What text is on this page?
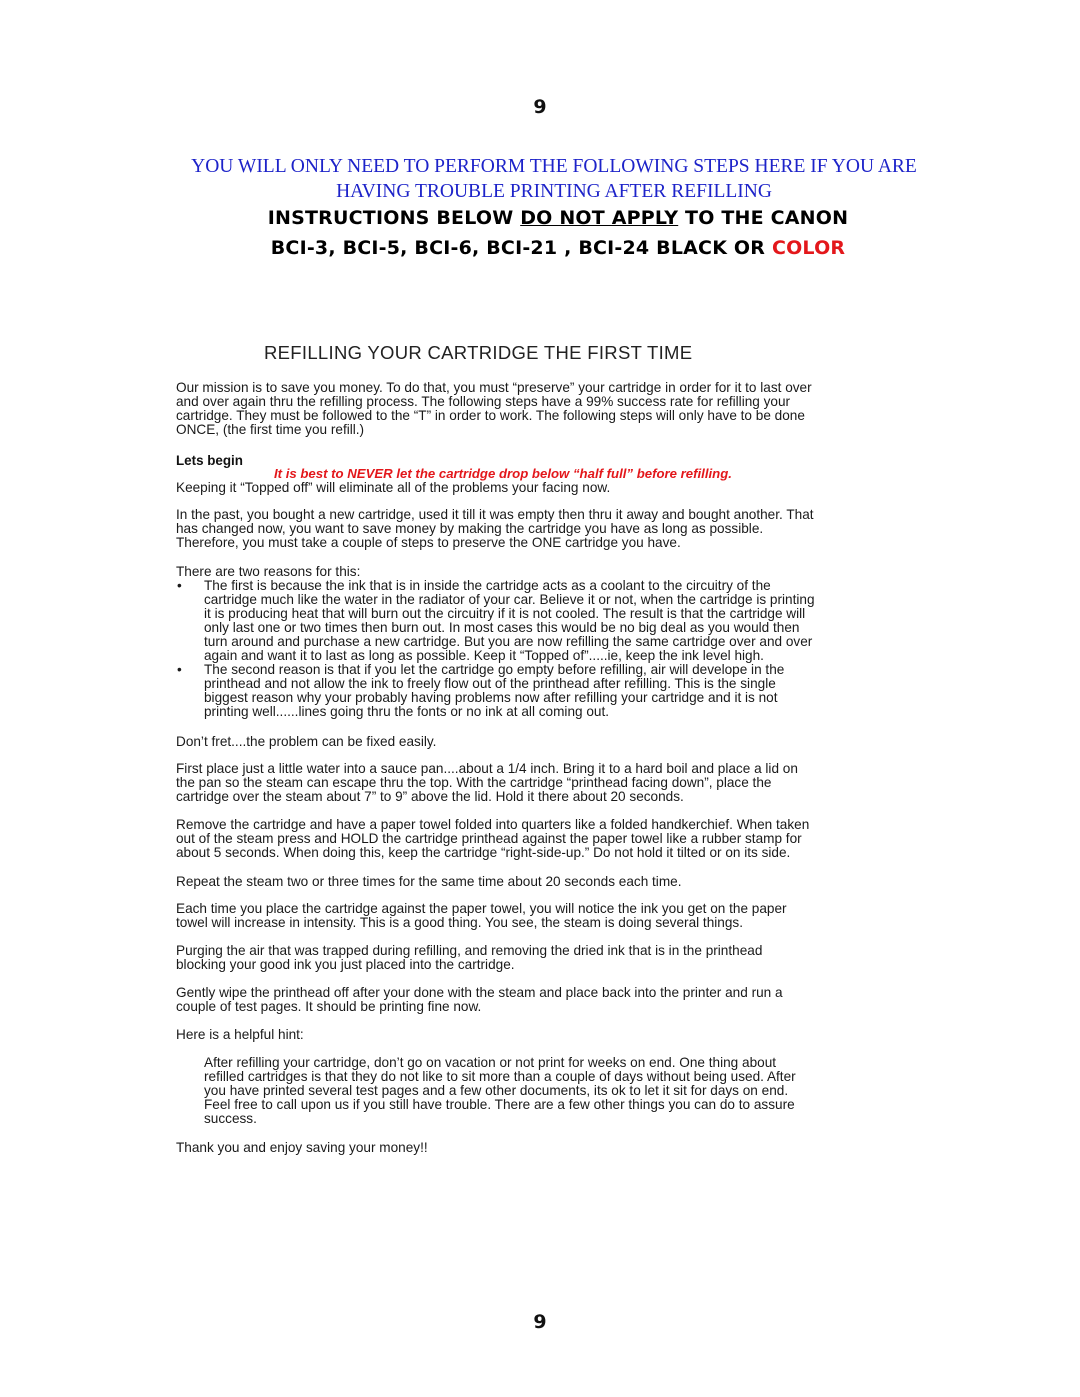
9
YOU WILL ONLY NEED TO PERFORM THE FOLLOWING STEPS HERE IF YOU ARE
HAVING TROUBLE PRINTING AFTER REFILLING
INSTRUCTIONS BELOW DO NOT APPLY TO THE CANON
BCI-3, BCI-5, BCI-6, BCI-21 , BCI-24 BLACK OR COLOR
REFILLING YOUR CARTRIDGE THE FIRST TIME
Our mission is to save you money. To do that, you must “preserve” your cartridge in order for it to last over
and over again thru the refilling process. The following steps have a 99% success rate for refilling your
cartridge. They must be followed to the “T” in order to work. The following steps will only have to be done
ONCE, (the first time you refill.)
Lets begin
It is best to NEVER let the cartridge drop below “half full” before refilling.
Keeping it “Topped off” will eliminate all of the problems your facing now.
In the past, you bought a new cartridge, used it till it was empty then thru it away and bought another. That
has changed now, you want to save money by making the cartridge you have as long as possible.
Therefore, you must take a couple of steps to preserve the ONE cartridge you have.
There are two reasons for this:
• The first is because the ink that is in inside the cartridge acts as a coolant to the circuitry of the
cartridge much like the water in the radiator of your car. Believe it or not, when the cartridge is printing
it is producing heat that will burn out the circuitry if it is not cooled. The result is that the cartridge will
only last one or two times then burn out. In most cases this would be no big deal as you would then
turn around and purchase a new cartridge. But you are now refilling the same cartridge over and over
again and want it to last as long as possible. Keep it “Topped of”.....ie, keep the ink level high.
• The second reason is that if you let the cartridge go empty before refilling, air will develope in the
printhead and not allow the ink to freely flow out of the printhead after refilling. This is the single
biggest reason why your probably having problems now after refilling your cartridge and it is not
printing well......lines going thru the fonts or no ink at all coming out.
Don’t fret....the problem can be fixed easily.
First place just a little water into a sauce pan....about a 1/4 inch. Bring it to a hard boil and place a lid on
the pan so the steam can escape thru the top. With the cartridge “printhead facing down”, place the
cartridge over the steam about 7” to 9” above the lid. Hold it there about 20 seconds.
Remove the cartridge and have a paper towel folded into quarters like a folded handkerchief. When taken
out of the steam press and HOLD the cartridge printhead against the paper towel like a rubber stamp for
about 5 seconds. When doing this, keep the cartridge “right-side-up.” Do not hold it tilted or on its side.
Repeat the steam two or three times for the same time about 20 seconds each time.
Each time you place the cartridge against the paper towel, you will notice the ink you get on the paper
towel will increase in intensity. This is a good thing. You see, the steam is doing several things.
Purging the air that was trapped during refilling, and removing the dried ink that is in the printhead
blocking your good ink you just placed into the cartridge.
Gently wipe the printhead off after your done with the steam and place back into the printer and run a
couple of test pages. It should be printing fine now.
Here is a helpful hint:
After refilling your cartridge, don’t go on vacation or not print for weeks on end. One thing about
refilled cartridges is that they do not like to sit more than a couple of days without being used. After
you have printed several test pages and a few other documents, its ok to let it sit for days on end.
Feel free to call upon us if you still have trouble. There are a few other things you can do to assure
success.
Thank you and enjoy saving your money!!
9
